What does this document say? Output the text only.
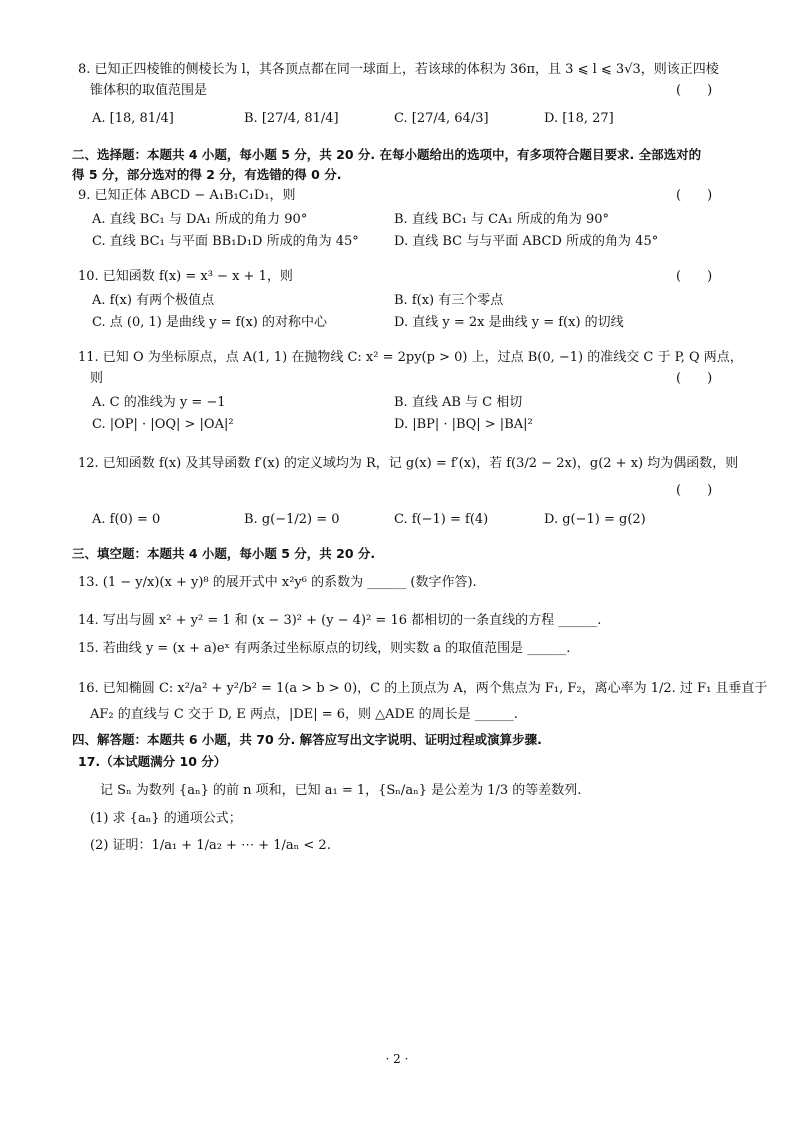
8. 已知正四棱锥的侧棱长为 l，其各顶点都在同一球面上，若该球的体积为 36π，且 3 ⩽ l ⩽ 3√3，则该正四棱
锥体积的取值范围是	(　　)
A. [18, 81/4]	B. [27/4, 81/4]	C. [27/4, 64/3]	D. [18, 27]
二、选择题：本题共 4 小题，每小题 5 分，共 20 分. 在每小题给出的选项中，有多项符合题目要求. 全部选对的
得 5 分，部分选对的得 2 分，有选错的得 0 分.
9. 已知正体 ABCD − A₁B₁C₁D₁，则	(　　)
A. 直线 BC₁ 与 DA₁ 所成的角力 90°	B. 直线 BC₁ 与 CA₁ 所成的角为 90°
C. 直线 BC₁ 与平面 BB₁D₁D 所成的角为 45°	D. 直线 BC 与与平面 ABCD 所成的角为 45°
10. 已知函数 f(x) = x³ − x + 1，则	(　　)
A. f(x) 有两个极值点	B. f(x) 有三个零点
C. 点 (0, 1) 是曲线 y = f(x) 的对称中心	D. 直线 y = 2x 是曲线 y = f(x) 的切线
11. 已知 O 为坐标原点，点 A(1, 1) 在抛物线 C: x² = 2py(p > 0) 上，过点 B(0, −1) 的准线交 C 于 P, Q 两点，
则	(　　)
A. C 的准线为 y = −1	B. 直线 AB 与 C 相切
C. |OP| · |OQ| > |OA|²	D. |BP| · |BQ| > |BA|²
12. 已知函数 f(x) 及其导函数 f′(x) 的定义域均为 R，记 g(x) = f′(x)，若 f(3/2 − 2x)，g(2 + x) 均为偶函数，则
(　　)
A. f(0) = 0	B. g(−1/2) = 0	C. f(−1) = f(4)	D. g(−1) = g(2)
三、填空题：本题共 4 小题，每小题 5 分，共 20 分.
13. (1 − y/x)(x + y)⁸ 的展开式中 x²y⁶ 的系数为 ______ (数字作答).
14. 写出与圆 x² + y² = 1 和 (x − 3)² + (y − 4)² = 16 都相切的一条直线的方程 ______.
15. 若曲线 y = (x + a)eˣ 有两条过坐标原点的切线，则实数 a 的取值范围是 ______.
16. 已知椭圆 C: x²/a² + y²/b² = 1(a > b > 0)，C 的上顶点为 A，两个焦点为 F₁, F₂，离心率为 1/2. 过 F₁ 且垂直于
AF₂ 的直线与 C 交于 D, E 两点，|DE| = 6，则 △ADE 的周长是 ______.
四、解答题：本题共 6 小题，共 70 分. 解答应写出文字说明、证明过程或演算步骤.
17.（本试题满分 10 分）
记 Sₙ 为数列 {aₙ} 的前 n 项和，已知 a₁ = 1，{Sₙ/aₙ} 是公差为 1/3 的等差数列.
(1) 求 {aₙ} 的通项公式；
(2) 证明：1/a₁ + 1/a₂ + ⋯ + 1/aₙ < 2.
· 2 ·
